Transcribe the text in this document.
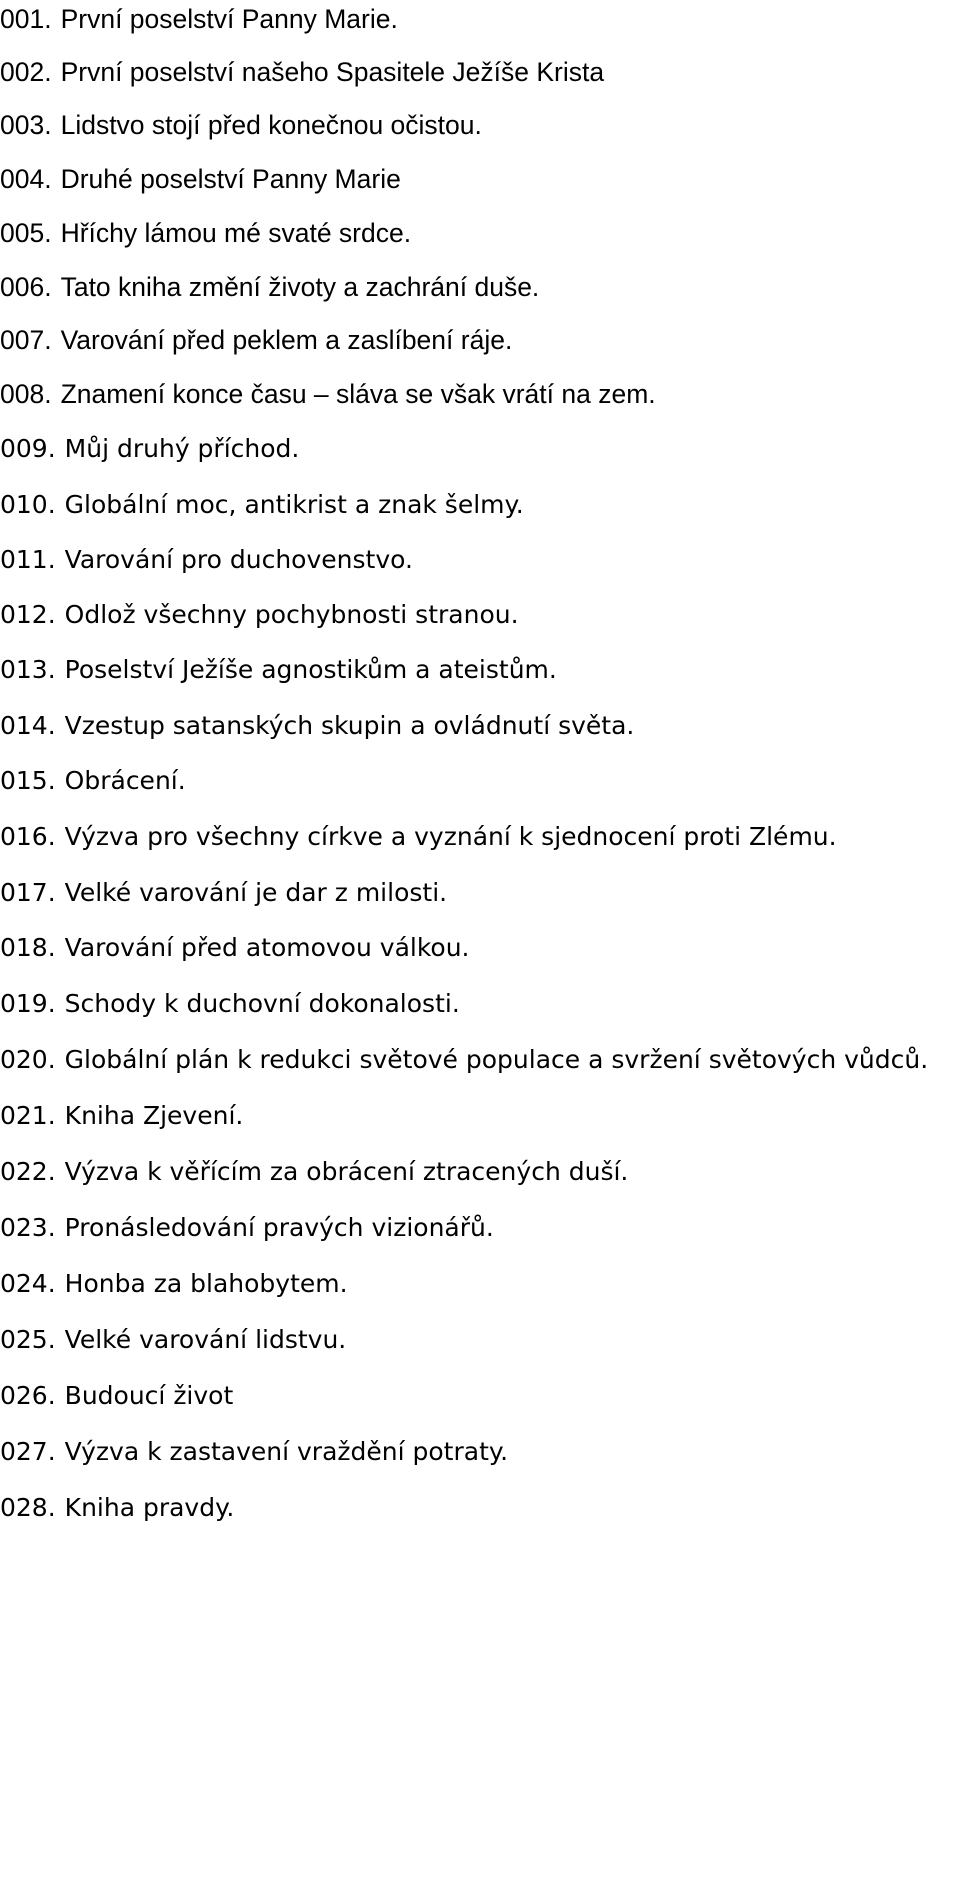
001. První poselství Panny Marie.
002. První poselství našeho Spasitele Ježíše Krista
003. Lidstvo stojí před konečnou očistou.
004. Druhé poselství Panny Marie
005. Hříchy lámou mé svaté srdce.
006. Tato kniha změní životy a zachrání duše.
007. Varování před peklem a zaslíbení ráje.
008. Znamení konce času – sláva se však vrátí na zem.
009. Můj druhý příchod.
010. Globální moc, antikrist a znak šelmy.
011. Varování pro duchovenstvo.
012. Odlož všechny pochybnosti stranou.
013. Poselství Ježíše agnostikům a ateistům.
014. Vzestup satanských skupin a ovládnutí světa.
015. Obrácení.
016. Výzva pro všechny církve a vyznání k sjednocení proti Zlému.
017. Velké varování je dar z milosti.
018. Varování před atomovou válkou.
019. Schody k duchovní dokonalosti.
020. Globální plán k redukci světové populace a svržení světových vůdců.
021. Kniha Zjevení.
022. Výzva k věřícím za obrácení ztracených duší.
023. Pronásledování pravých vizionářů.
024. Honba za blahobytem.
025. Velké varování lidstvu.
026. Budoucí život
027. Výzva k zastavení vraždění potraty.
028. Kniha pravdy.
